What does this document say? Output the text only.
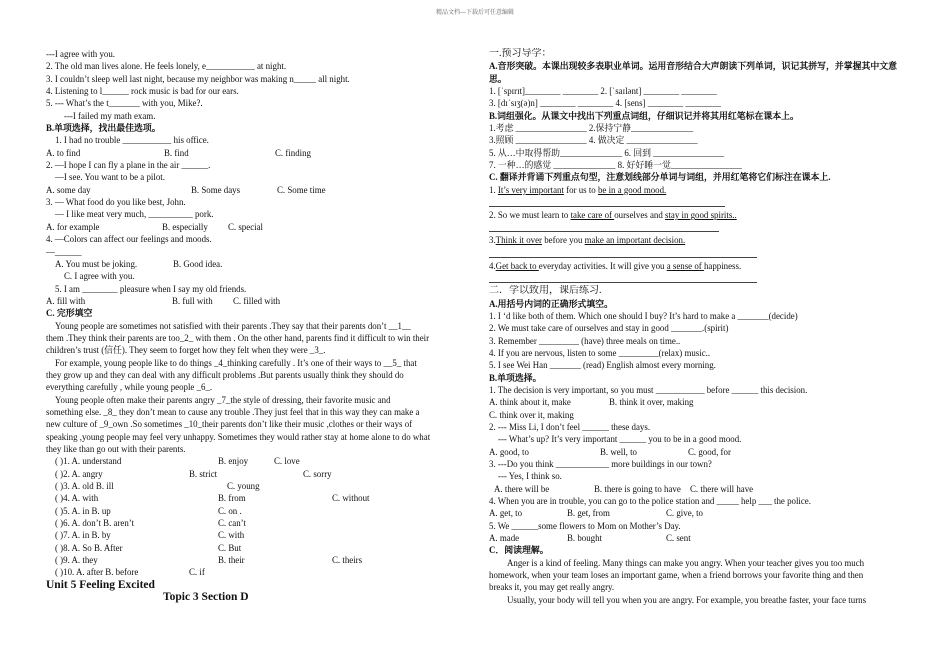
精品文档---下载后可任意编辑

---I agree with you.

2. The old man lives alone. He feels lonely, e___________ at night.

3. I couldn’t sleep well last night, because my neighbor was making n_____ all night.

4. Listening to l______ rock music is bad for our ears.

5. --- What’s the t_______ with you, Mike?.

---I failed my math exam.

B.单项选择，找出最佳选项。

1. I had no trouble ___________ his office.

A. to find	B. find	C. finding

2. —I hope I can fly a plane in the air ______.

—I see. You want to be a pilot.

A. some day	B. Some days	C. Some time

3. — What food do you like best, John.

— I like meat very much, __________ pork.

A. for example	B. especially	C. special

4. —Colors can affect our feelings and moods.

—______

A. You must be joking.	B. Good idea.

C. I agree with you.

5. I am ________ pleasure when I say my old friends.

A. fill with	B. full with	C. filled with

C. 完形填空

Young people are sometimes not satisfied with their parents .They say that their parents don’t __1__

them .They think their parents are too_2_ with them . On the other hand, parents find it difficult to win their

children’s trust (信任). They seem to forget how they felt when they were _3_.

For example, young people like to do things _4_thinking carefully . It’s one of their ways to __5_ that

they grow up and they can deal with any difficult problems .But parents usually think they should do

everything carefully , while young people _6_.

Young people often make their parents angry _7_the style of dressing, their favorite music and

something else. _8_ they don’t mean to cause any trouble .They just feel that in this way they can make a

new culture of _9_own .So sometimes _10_their parents don’t like their music ,clothes or their ways of

speaking ,young people may feel very unhappy. Sometimes they would rather stay at home alone to do what

they like than go out with their parents.

( )1. A. understand	B. enjoy	C. love

( )2. A. angry	B. strict	C. sorry

( )3. A. old B. ill	C. young

( )4. A. with	B. from	C. without

( )5. A. in B. up	C. on .

( )6. A. don’t B. aren’t	C. can’t

( )7. A. in B. by	C. with

( )8. A. So B. After	C. But

( )9. A. they	B. their	C. theirs

( )10. A. after B. before	C. if

Unit 5 Feeling Excited

Topic 3 Section D

一.预习导学：

A.音形突破。本课出现较多表职业单词。运用音形结合大声朗读下列单词，识记其拼写，并掌握其中文意思。

1. [ˈspɪrɪt]________ ________ 2. [ˈsaɪlənt] ________ ________

3. [dɪˈsɪʒ(ə)n] ________ ________ 4. [sens] ________ ________

B.词组强化。从课文中找出下列重点词组，仔细识记并将其用红笔标在课本上。

1.考虑 ________________ 2.保持宁静______________

3.照顾 ________________ 4. 做决定 ________________

5. 从…中取得帮助______________ 6. 回到 ________________

7. 一种…的感觉 ______________ 8. 好好睡一觉________________

C. 翻译并背诵下列重点句型，注意划线部分单词与词组，并用红笔将它们标注在课本上.

1. It’s very important for us to be in a good mood.

2. So we must learn to take care of ourselves and stay in good spirits..

3.Think it over before you make an important decision.

4.Get back to everyday activities. It will give you a sense of happiness.

二．学以致用，课后练习.

A.用括号内词的正确形式填空。

1. I ‘d like both of them. Which one should I buy? It’s hard to make a _______(decide)

2. We must take care of ourselves and stay in good _______.(spirit)

3. Remember _________ (have) three meals on time..

4. If you are nervous, listen to some _________(relax) music..

5. I see Wei Han _______ (read) English almost every morning.

B.单项选择。

1. The decision is very important, so you must ___________ before ______ this decision.

A. think about it, make	B. think it over, making

C. think over it, making

2. --- Miss Li, I don’t feel ______ these days.

--- What’s up? It’s very important ______ you to be in a good mood.

A. good, to	B. well, to	C. good, for

3. ---Do you think ____________ more buildings in our town?

--- Yes, I think so.

A. there will be	B. there is going to have	C. there will have

4. When you are in trouble, you can go to the police station and _____ help ___ the police.

A. get, to	B. get, from	C. give, to

5. We ______some flowers to Mom on Mother’s Day.

A. made	B. bought	C. sent

C．阅读理解。

Anger is a kind of feeling. Many things can make you angry. When your teacher gives you too much

homework, when your team loses an important game, when a friend borrows your favorite thing and then

breaks it, you may get really angry.

Usually, your body will tell you when you are angry. For example, you breathe faster, your face turns
